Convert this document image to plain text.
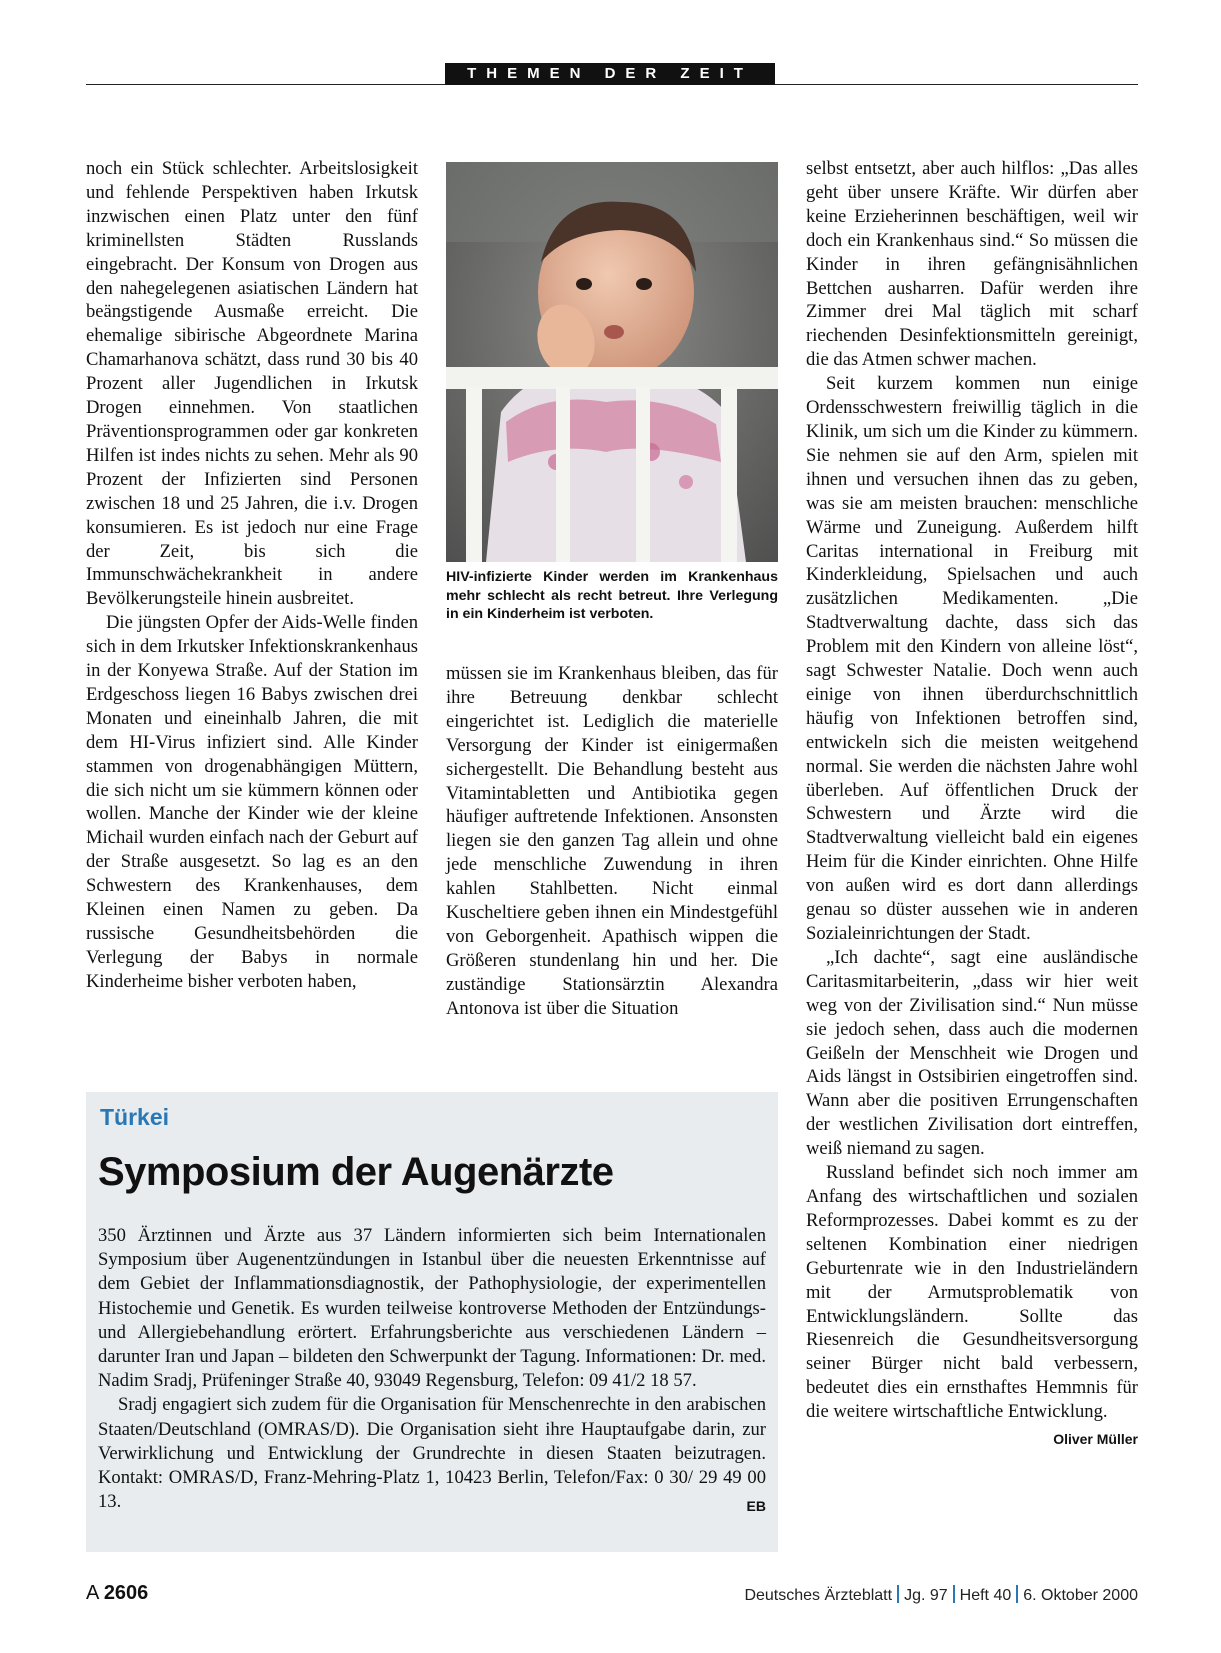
THEMEN DER ZEIT

noch ein Stück schlechter. Arbeitslosigkeit und fehlende Perspektiven haben Irkutsk inzwischen einen Platz unter den fünf kriminellsten Städten Russlands eingebracht. Der Konsum von Drogen aus den nahegelegenen asiatischen Ländern hat beängstigende Ausmaße erreicht. Die ehemalige sibirische Abgeordnete Marina Chamarhanova schätzt, dass rund 30 bis 40 Prozent aller Jugendlichen in Irkutsk Drogen einnehmen. Von staatlichen Präventionsprogrammen oder gar konkreten Hilfen ist indes nichts zu sehen. Mehr als 90 Prozent der Infizierten sind Personen zwischen 18 und 25 Jahren, die i.v. Drogen konsumieren. Es ist jedoch nur eine Frage der Zeit, bis sich die Immunschwächekrankheit in andere Bevölkerungsteile hinein ausbreitet.

Die jüngsten Opfer der Aids-Welle finden sich in dem Irkutsker Infektionskrankenhaus in der Konyewa Straße. Auf der Station im Erdgeschoss liegen 16 Babys zwischen drei Monaten und eineinhalb Jahren, die mit dem HI-Virus infiziert sind. Alle Kinder stammen von drogenabhängigen Müttern, die sich nicht um sie kümmern können oder wollen. Manche der Kinder wie der kleine Michail wurden einfach nach der Geburt auf der Straße ausgesetzt. So lag es an den Schwestern des Krankenhauses, dem Kleinen einen Namen zu geben. Da russische Gesundheitsbehörden die Verlegung der Babys in normale Kinderheime bisher verboten haben,

HIV-infizierte Kinder werden im Krankenhaus mehr schlecht als recht betreut. Ihre Verlegung in ein Kinderheim ist verboten.

müssen sie im Krankenhaus bleiben, das für ihre Betreuung denkbar schlecht eingerichtet ist. Lediglich die materielle Versorgung der Kinder ist einigermaßen sichergestellt. Die Behandlung besteht aus Vitamintabletten und Antibiotika gegen häufiger auftretende Infektionen. Ansonsten liegen sie den ganzen Tag allein und ohne jede menschliche Zuwendung in ihren kahlen Stahlbetten. Nicht einmal Kuscheltiere geben ihnen ein Mindestgefühl von Geborgenheit. Apathisch wippen die Größeren stundenlang hin und her. Die zuständige Stationsärztin Alexandra Antonova ist über die Situation

selbst entsetzt, aber auch hilflos: „Das alles geht über unsere Kräfte. Wir dürfen aber keine Erzieherinnen beschäftigen, weil wir doch ein Krankenhaus sind.“ So müssen die Kinder in ihren gefängnisähnlichen Bettchen ausharren. Dafür werden ihre Zimmer drei Mal täglich mit scharf riechenden Desinfektionsmitteln gereinigt, die das Atmen schwer machen.

Seit kurzem kommen nun einige Ordensschwestern freiwillig täglich in die Klinik, um sich um die Kinder zu kümmern. Sie nehmen sie auf den Arm, spielen mit ihnen und versuchen ihnen das zu geben, was sie am meisten brauchen: menschliche Wärme und Zuneigung. Außerdem hilft Caritas international in Freiburg mit Kinderkleidung, Spielsachen und auch zusätzlichen Medikamenten. „Die Stadtverwaltung dachte, dass sich das Problem mit den Kindern von alleine löst“, sagt Schwester Natalie. Doch wenn auch einige von ihnen überdurchschnittlich häufig von Infektionen betroffen sind, entwickeln sich die meisten weitgehend normal. Sie werden die nächsten Jahre wohl überleben. Auf öffentlichen Druck der Schwestern und Ärzte wird die Stadtverwaltung vielleicht bald ein eigenes Heim für die Kinder einrichten. Ohne Hilfe von außen wird es dort dann allerdings genau so düster aussehen wie in anderen Sozialeinrichtungen der Stadt.

„Ich dachte“, sagt eine ausländische Caritasmitarbeiterin, „dass wir hier weit weg von der Zivilisation sind.“ Nun müsse sie jedoch sehen, dass auch die modernen Geißeln der Menschheit wie Drogen und Aids längst in Ostsibirien eingetroffen sind. Wann aber die positiven Errungenschaften der westlichen Zivilisation dort eintreffen, weiß niemand zu sagen.

Russland befindet sich noch immer am Anfang des wirtschaftlichen und sozialen Reformprozesses. Dabei kommt es zu der seltenen Kombination einer niedrigen Geburtenrate wie in den Industrieländern mit der Armutsproblematik von Entwicklungsländern. Sollte das Riesenreich die Gesundheitsversorgung seiner Bürger nicht bald verbessern, bedeutet dies ein ernsthaftes Hemmnis für die weitere wirtschaftliche Entwicklung.
Oliver Müller

Türkei
Symposium der Augenärzte

350 Ärztinnen und Ärzte aus 37 Ländern informierten sich beim Internationalen Symposium über Augenentzündungen in Istanbul über die neuesten Erkenntnisse auf dem Gebiet der Inflammationsdiagnostik, der Pathophysiologie, der experimentellen Histochemie und Genetik. Es wurden teilweise kontroverse Methoden der Entzündungs- und Allergiebehandlung erörtert. Erfahrungsberichte aus verschiedenen Ländern – darunter Iran und Japan – bildeten den Schwerpunkt der Tagung. Informationen: Dr. med. Nadim Sradj, Prüfeninger Straße 40, 93049 Regensburg, Telefon: 09 41/2 18 57.

Sradj engagiert sich zudem für die Organisation für Menschenrechte in den arabischen Staaten/Deutschland (OMRAS/D). Die Organisation sieht ihre Hauptaufgabe darin, zur Verwirklichung und Entwicklung der Grundrechte in diesen Staaten beizutragen. Kontakt: OMRAS/D, Franz-Mehring-Platz 1, 10423 Berlin, Telefon/Fax: 0 30/ 29 49 00 13.	EB

A 2606	Deutsches Ärzteblatt Jg. 97 Heft 40 6. Oktober 2000
